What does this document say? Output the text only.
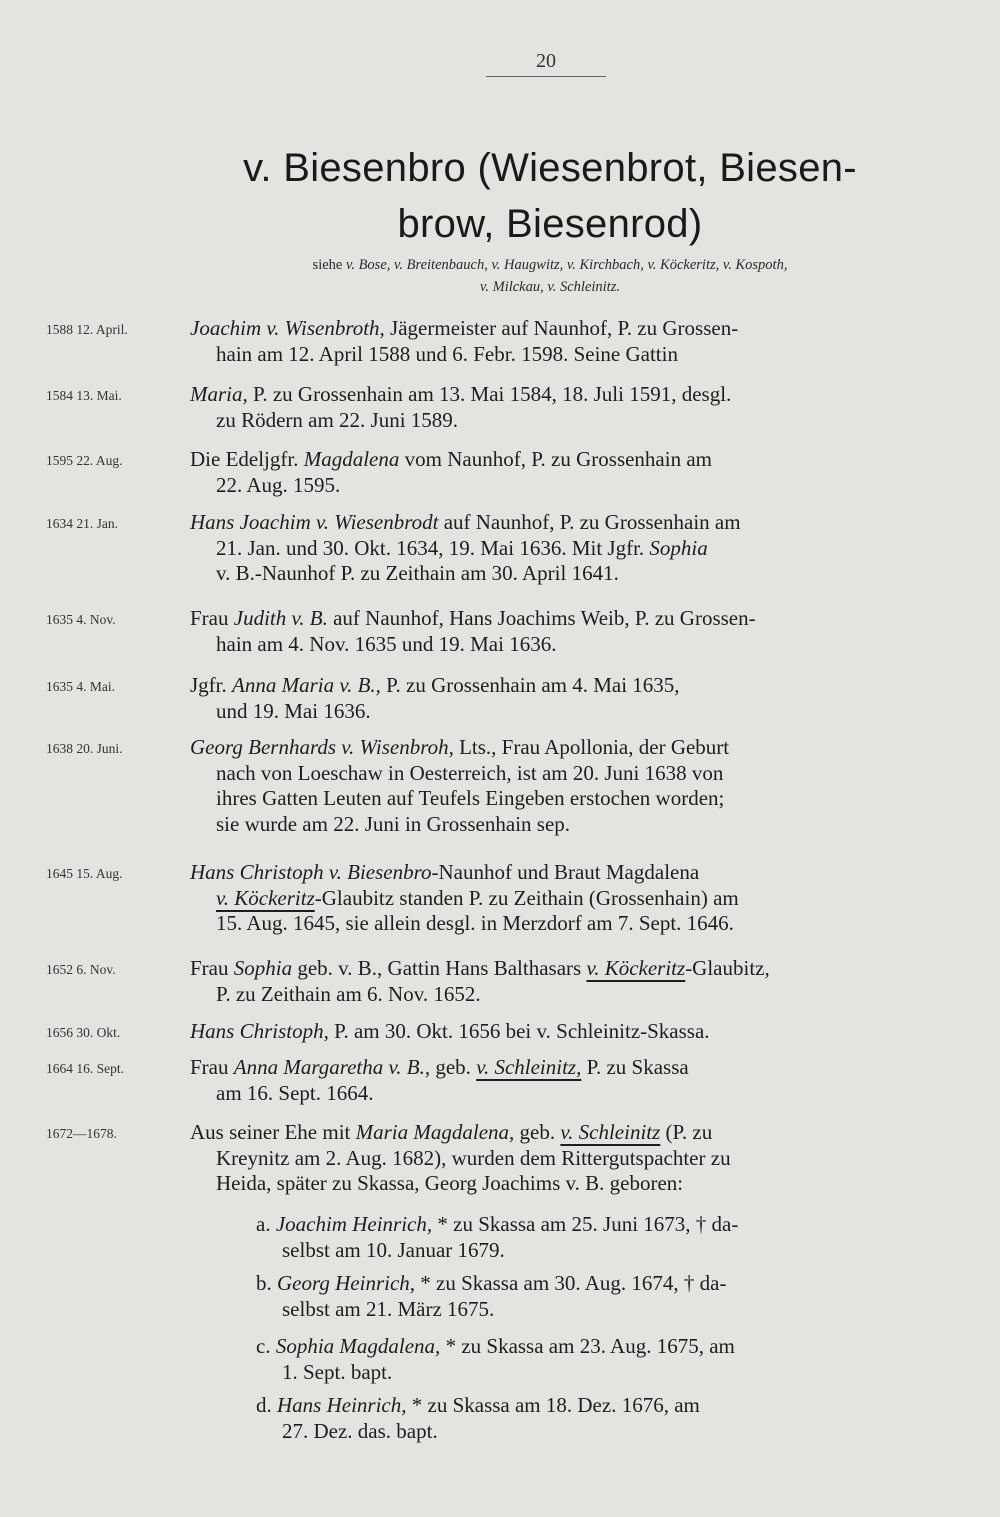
20
v. Biesenbro (Wiesenbrot, Biesen-
brow, Biesenrod)
siehe v. Bose, v. Breitenbauch, v. Haugwitz, v. Kirchbach, v. Köckeritz, v. Kospoth,
v. Milckau, v. Schleinitz.
1588 12. April.	Joachim v. Wisenbroth, Jägermeister auf Naunhof, P. zu Grossen-
hain am 12. April 1588 und 6. Febr. 1598. Seine Gattin
1584 13. Mai.	Maria, P. zu Grossenhain am 13. Mai 1584, 18. Juli 1591, desgl.
zu Rödern am 22. Juni 1589.
1595 22. Aug.	Die Edeljgfr. Magdalena vom Naunhof, P. zu Grossenhain am
22. Aug. 1595.
1634 21. Jan.	Hans Joachim v. Wiesenbrodt auf Naunhof, P. zu Grossenhain am
21. Jan. und 30. Okt. 1634, 19. Mai 1636. Mit Jgfr. Sophia
v. B.-Naunhof P. zu Zeithain am 30. April 1641.
1635 4. Nov.	Frau Judith v. B. auf Naunhof, Hans Joachims Weib, P. zu Grossen-
hain am 4. Nov. 1635 und 19. Mai 1636.
1635 4. Mai.	Jgfr. Anna Maria v. B., P. zu Grossenhain am 4. Mai 1635,
und 19. Mai 1636.
1638 20. Juni.	Georg Bernhards v. Wisenbroh, Lts., Frau Apollonia, der Geburt
nach von Loeschaw in Oesterreich, ist am 20. Juni 1638 von
ihres Gatten Leuten auf Teufels Eingeben erstochen worden;
sie wurde am 22. Juni in Grossenhain sep.
1645 15. Aug.	Hans Christoph v. Biesenbro-Naunhof und Braut Magdalena
v. Köckeritz-Glaubitz standen P. zu Zeithain (Grossenhain) am
15. Aug. 1645, sie allein desgl. in Merzdorf am 7. Sept. 1646.
1652 6. Nov.	Frau Sophia geb. v. B., Gattin Hans Balthasars v. Köckeritz-Glaubitz,
P. zu Zeithain am 6. Nov. 1652.
1656 30. Okt.	Hans Christoph, P. am 30. Okt. 1656 bei v. Schleinitz-Skassa.
1664 16. Sept.	Frau Anna Margaretha v. B., geb. v. Schleinitz, P. zu Skassa
am 16. Sept. 1664.
1672—1678.	Aus seiner Ehe mit Maria Magdalena, geb. v. Schleinitz (P. zu
Kreynitz am 2. Aug. 1682), wurden dem Rittergutspachter zu
Heida, später zu Skassa, Georg Joachims v. B. geboren:
a. Joachim Heinrich, * zu Skassa am 25. Juni 1673, † da-
selbst am 10. Januar 1679.
b. Georg Heinrich, * zu Skassa am 30. Aug. 1674, † da-
selbst am 21. März 1675.
c. Sophia Magdalena, * zu Skassa am 23. Aug. 1675, am
1. Sept. bapt.
d. Hans Heinrich, * zu Skassa am 18. Dez. 1676, am
27. Dez. das. bapt.
